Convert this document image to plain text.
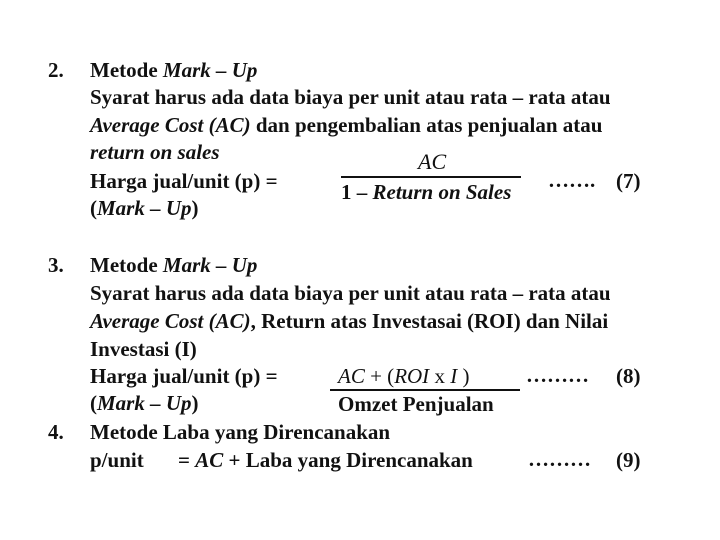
2. Metode Mark – Up
Syarat harus ada data biaya per unit atau rata – rata atau
Average Cost (AC) dan pengembalian atas penjualan atau
return on sales
Harga jual/unit (p) =
(Mark – Up)
AC
1 – Return on Sales ……. (7)
3. Metode Mark – Up
Syarat harus ada data biaya per unit atau rata – rata atau
Average Cost (AC), Return atas Investasai (ROI) dan Nilai
Investasi (I)
Harga jual/unit (p) =
(Mark – Up)
AC + (ROI x I )
Omzet Penjualan
……… (8)
4. Metode Laba yang Direncanakan
p/unit = AC + Laba yang Direncanakan	……… (9)
